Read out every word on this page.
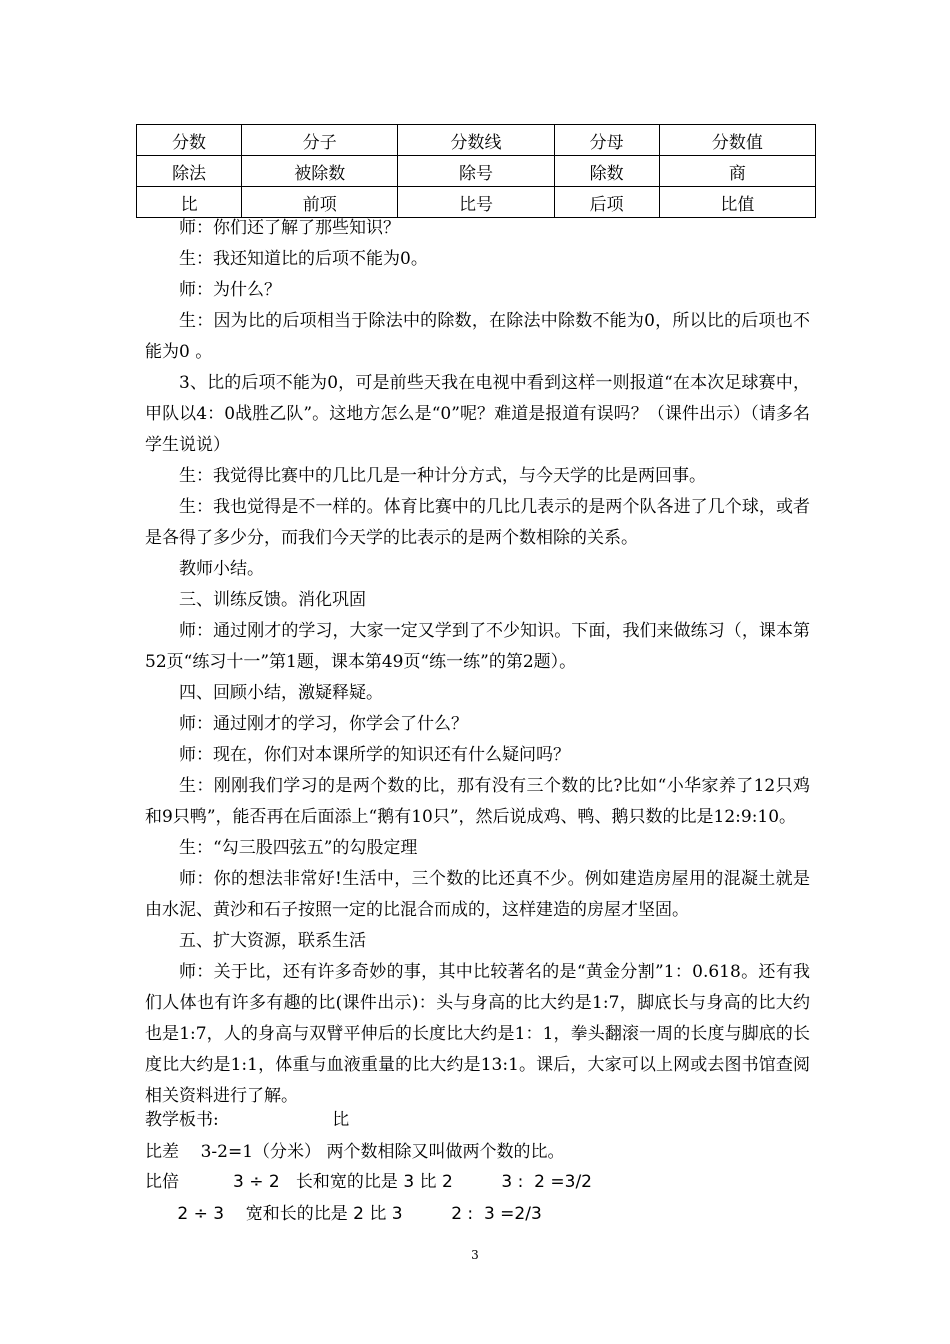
分数	分子	分数线	分母	分数值
除法	被除数	除号	除数	商
比	前项	比号	后项	比值

师：你们还了解了那些知识？

生：我还知道比的后项不能为0。

师：为什么？

生：因为比的后项相当于除法中的除数，在除法中除数不能为0，所以比的后项也不能为0 。

3、比的后项不能为0，可是前些天我在电视中看到这样一则报道“在本次足球赛中，甲队以4：0战胜乙队”。这地方怎么是“0”呢？难道是报道有误吗？（课件出示）（请多名学生说说）

生：我觉得比赛中的几比几是一种计分方式，与今天学的比是两回事。

生：我也觉得是不一样的。体育比赛中的几比几表示的是两个队各进了几个球，或者是各得了多少分，而我们今天学的比表示的是两个数相除的关系。

教师小结。

三、训练反馈。消化巩固

师：通过刚才的学习，大家一定又学到了不少知识。下面，我们来做练习（，课本第52页“练习十一”第1题，课本第49页“练一练”的第2题）。

四、回顾小结，激疑释疑。

师：通过刚才的学习，你学会了什么？

师：现在，你们对本课所学的知识还有什么疑问吗？

生：刚刚我们学习的是两个数的比，那有没有三个数的比?比如“小华家养了12只鸡和9只鸭”，能否再在后面添上“鹅有10只”，然后说成鸡、鸭、鹅只数的比是12:9:10。

生：“勾三股四弦五”的勾股定理

师：你的想法非常好!生活中，三个数的比还真不少。例如建造房屋用的混凝土就是由水泥、黄沙和石子按照一定的比混合而成的，这样建造的房屋才坚固。

五、扩大资源，联系生活

师：关于比，还有许多奇妙的事，其中比较著名的是“黄金分割”1：0.618。还有我们人体也有许多有趣的比(课件出示)：头与身高的比大约是1:7，脚底长与身高的比大约也是1:7，人的身高与双臂平伸后的长度比大约是1：1，拳头翻滚一周的长度与脚底的长度比大约是1:1，体重与血液重量的比大约是13:1。课后，大家可以上网或去图书馆查阅相关资料进行了解。

教学板书:                     比
比差    3-2=1（分米） 两个数相除又叫做两个数的比。
比倍          3 ÷ 2   长和宽的比是 3 比 2         3 :  2 =3/2
2 ÷ 3    宽和长的比是 2 比 3         2 :  3 =2/3
3
